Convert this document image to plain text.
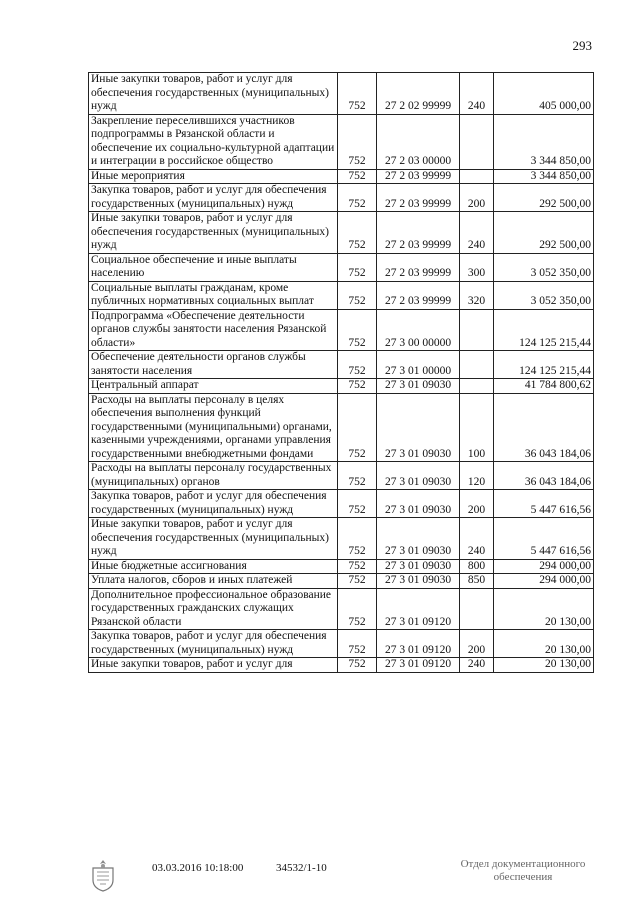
293
Иные закупки товаров, работ и услуг для обеспечения государственных (муниципальных) нужд	752	27 2 02 99999	240	405 000,00
Закрепление переселившихся участников подпрограммы в Рязанской области и обеспечение их социально-культурной адаптации и интеграции в российское общество	752	27 2 03 00000		3 344 850,00
Иные мероприятия	752	27 2 03 99999		3 344 850,00
Закупка товаров, работ и услуг для обеспечения государственных (муниципальных) нужд	752	27 2 03 99999	200	292 500,00
Иные закупки товаров, работ и услуг для обеспечения государственных (муниципальных) нужд	752	27 2 03 99999	240	292 500,00
Социальное обеспечение и иные выплаты населению	752	27 2 03 99999	300	3 052 350,00
Социальные выплаты гражданам, кроме публичных нормативных социальных выплат	752	27 2 03 99999	320	3 052 350,00
Подпрограмма «Обеспечение деятельности органов службы занятости населения Рязанской области»	752	27 3 00 00000		124 125 215,44
Обеспечение деятельности органов службы занятости населения	752	27 3 01 00000		124 125 215,44
Центральный аппарат	752	27 3 01 09030		41 784 800,62
Расходы на выплаты персоналу в целях обеспечения выполнения функций государственными (муниципальными) органами, казенными учреждениями, органами управления государственными внебюджетными фондами	752	27 3 01 09030	100	36 043 184,06
Расходы на выплаты персоналу государственных (муниципальных) органов	752	27 3 01 09030	120	36 043 184,06
Закупка товаров, работ и услуг для обеспечения государственных (муниципальных) нужд	752	27 3 01 09030	200	5 447 616,56
Иные закупки товаров, работ и услуг для обеспечения государственных (муниципальных) нужд	752	27 3 01 09030	240	5 447 616,56
Иные бюджетные ассигнования	752	27 3 01 09030	800	294 000,00
Уплата налогов, сборов и иных платежей	752	27 3 01 09030	850	294 000,00
Дополнительное профессиональное образование государственных гражданских служащих Рязанской области	752	27 3 01 09120		20 130,00
Закупка товаров, работ и услуг для обеспечения государственных (муниципальных) нужд	752	27 3 01 09120	200	20 130,00
Иные закупки товаров, работ и услуг для	752	27 3 01 09120	240	20 130,00
03.03.2016 10:18:00	34532/1-10	Отдел документационного
обеспечения
